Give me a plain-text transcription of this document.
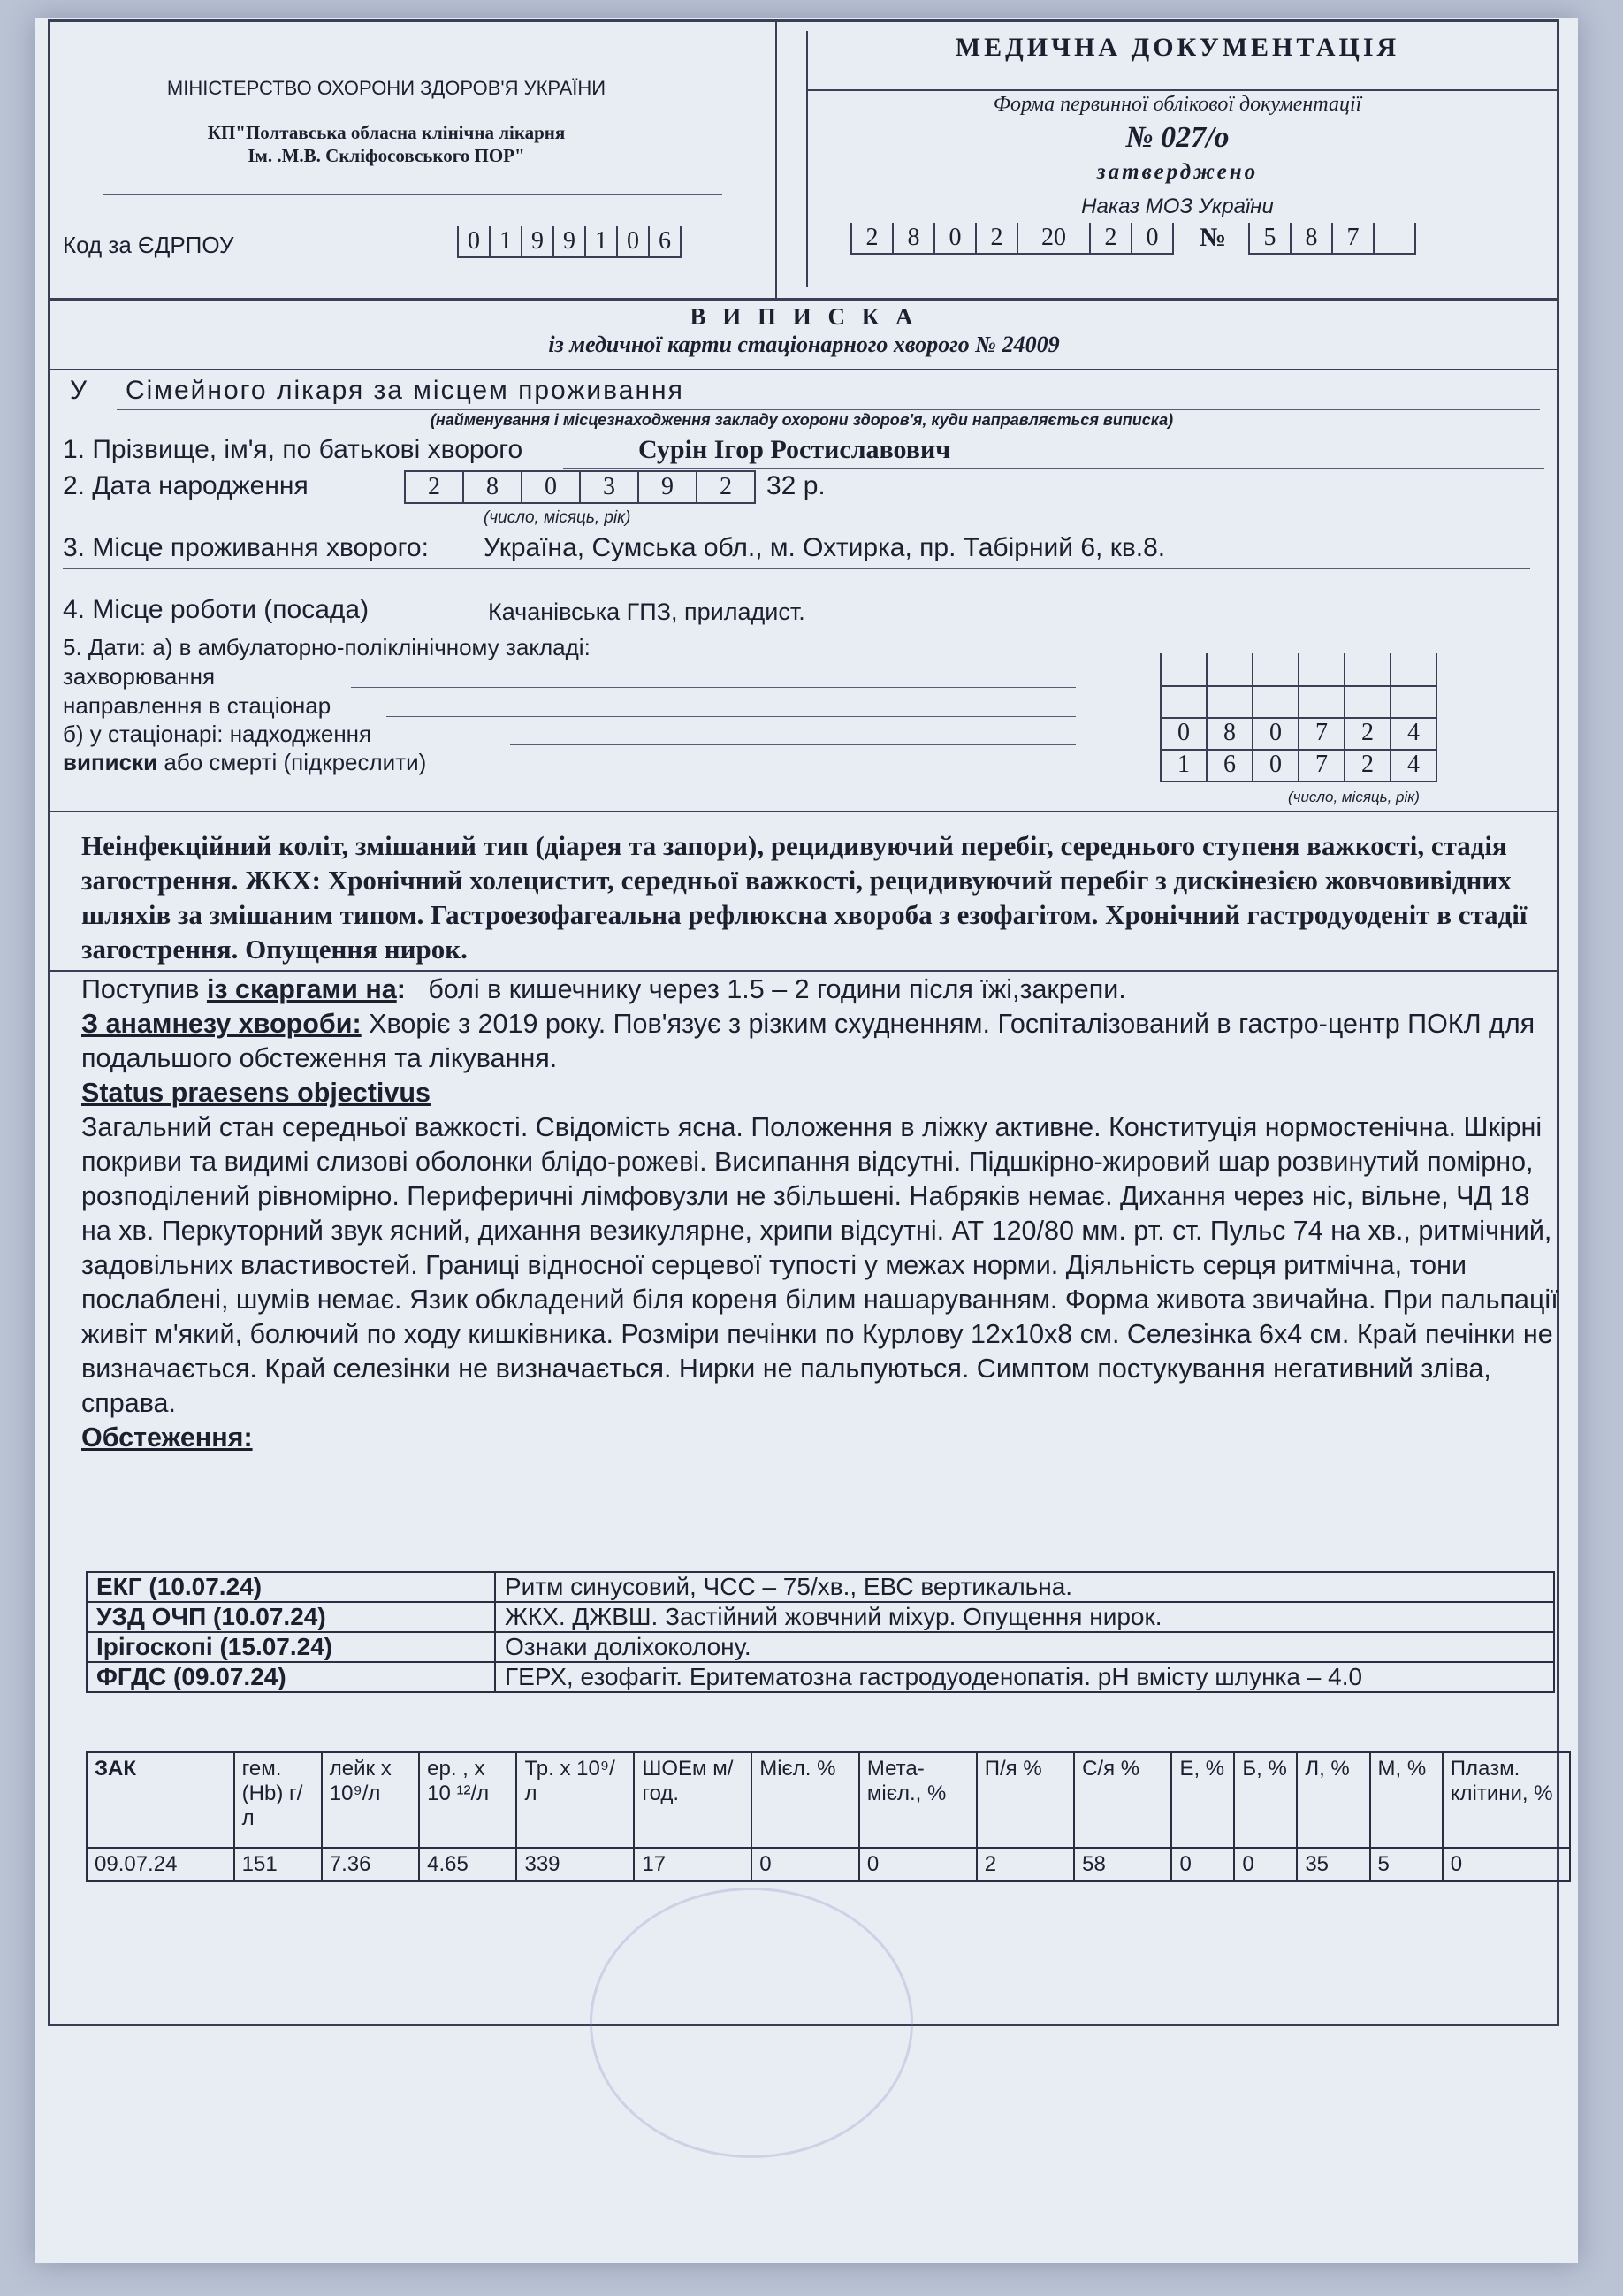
МІНІСТЕРСТВО ОХОРОНИ ЗДОРОВ'Я УКРАЇНИ
КП"Полтавська обласна клінічна лікарня
Ім. .М.В. Скліфосовського ПОР"
Код за ЄДРПОУ	0 1 9 9 1 0 6
МЕДИЧНА ДОКУМЕНТАЦІЯ
Форма первинної облікової документації
№ 027/о
затверджено
Наказ МОЗ України
2	8	0	2	20	2	0	№	5	8	7
В И П И С К А
із медичної карти стаціонарного хворого № 24009
У Сімейного лікаря за місцем проживання
(найменування і місцезнаходження закладу охорони здоров'я, куди направляється виписка)
1. Прізвище, ім'я, по батькові хворого	Сурін Ігор Ростиславович
2. Дата народження	2	8	0	3	9	2	32 р.
(число, місяць, рік)
3. Місце проживання хворого: Україна, Сумська обл., м. Охтирка, пр. Табірний 6, кв.8.
4. Місце роботи (посада)	Качанівська ГПЗ, приладист.
5. Дати: а) в амбулаторно-поліклінічному закладі:
захворювання
направлення в стаціонар
б) у стаціонарі: надходження
виписки або смерті (підкреслити)
0	8	0	7	2	4
1	6	0	7	2	4
(число, місяць, рік)
Неінфекційний коліт, змішаний тип (діарея та запори), рецидивуючий перебіг, середнього ступеня важкості, стадія загострення. ЖКХ: Хронічний холецистит, середньої важкості, рецидивуючий перебіг з дискінезією жовчовивідних шляхів за змішаним типом. Гастроезофагеальна рефлюксна хвороба з езофагітом. Хронічний гастродуоденіт в стадії загострення. Опущення нирок.

Поступив із скаргами на: болі в кишечнику через 1.5 – 2 години після їжі,закрепи.

З анамнезу хвороби: Хворіє з 2019 року. Пов'язує з різким схудненням. Госпіталізований в гастро-центр ПОКЛ для подальшого обстеження та лікування.

Status praesens objectivus

Загальний стан середньої важкості. Свідомість ясна. Положення в ліжку активне. Конституція нормостенічна. Шкірні покриви та видимі слизові оболонки блідо-рожеві. Висипання відсутні. Підшкірно-жировий шар розвинутий помірно, розподілений рівномірно. Периферичні лімфовузли не збільшені. Набряків немає. Дихання через ніс, вільне, ЧД 18 на хв. Перкуторний звук ясний, дихання везикулярне, хрипи відсутні. АТ 120/80 мм. рт. ст. Пульс 74 на хв., ритмічний, задовільних властивостей. Границі відносної серцевої тупості у межах норми. Діяльність серця ритмічна, тони послаблені, шумів немає. Язик обкладений біля кореня білим нашаруванням. Форма живота звичайна. При пальпації живіт м'який, болючий по ходу кишківника. Розміри печінки по Курлову 12х10х8 см. Селезінка 6х4 см. Край печінки не визначається. Край селезінки не визначається. Нирки не пальпуються. Симптом постукування негативний зліва, справа.

Обстеження:

ЕКГ (10.07.24)	Ритм синусовий, ЧСС – 75/хв., ЕВС вертикальна.
УЗД ОЧП (10.07.24)	ЖКХ. ДЖВШ. Застійний жовчний міхур. Опущення нирок.
Ірігоскопі (15.07.24)	Ознаки доліхоколону.
ФГДС (09.07.24)	ГЕРХ, езофагіт. Еритематозна гастродуоденопатія. рН вмісту шлунка – 4.0
ЗАК	гем. (Hb) г/л	лейк х 10⁹/л	ер. , х 10 ¹²/л	Тр. х 10⁹/л	ШОЕм м/год.	Мієл. %	Мета-мієл., %	П/я %	С/я %	Е, %	Б, %	Л, %	М, %	Плазм. клітини, %
09.07.24	151	7.36	4.65	339	17	0	0	2	58	0	0	35	5	0
